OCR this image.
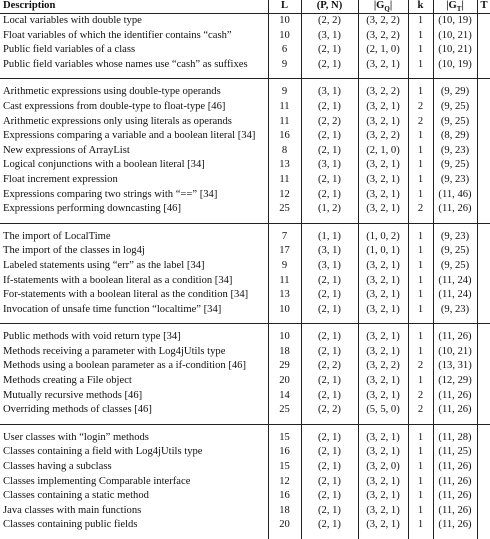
Description	L	(P, N)	$|G_Q|$	k	$|G_T|$	T
Local variables with double type	10	(2, 2)	(3, 2, 2)	1	(10, 19)	
Float variables of which the identifier contains “cash”	10	(3, 1)	(3, 2, 2)	1	(10, 21)	
Public field variables of a class	6	(2, 1)	(2, 1, 0)	1	(10, 21)	
Public field variables whose names use “cash” as suffixes	9	(2, 1)	(3, 2, 1)	1	(10, 19)	
Arithmetic expressions using double-type operands	9	(3, 1)	(3, 2, 2)	1	(9, 29)	
Cast expressions from double-type to float-type [46]	11	(2, 1)	(3, 2, 1)	2	(9, 25)	
Arithmetic expressions only using literals as operands	11	(2, 2)	(3, 2, 1)	2	(9, 25)	
Expressions comparing a variable and a boolean literal [34]	16	(2, 1)	(3, 2, 2)	1	(8, 29)	
New expressions of ArrayList	8	(2, 1)	(2, 1, 0)	1	(9, 23)	
Logical conjunctions with a boolean literal [34]	13	(3, 1)	(3, 2, 1)	1	(9, 25)	
Float increment expression	11	(2, 1)	(3, 2, 1)	1	(9, 23)	
Expressions comparing two strings with “==” [34]	12	(2, 1)	(3, 2, 1)	1	(11, 46)	
Expressions performing downcasting [46]	25	(1, 2)	(3, 2, 1)	2	(11, 26)	
The import of LocalTime	7	(1, 1)	(1, 0, 2)	1	(9, 23)	
The import of the classes in log4j	17	(3, 1)	(1, 0, 1)	1	(9, 25)	
Labeled statements using “err” as the label [34]	9	(3, 1)	(3, 2, 1)	1	(9, 25)	
If-statements with a boolean literal as a condition [34]	11	(2, 1)	(3, 2, 1)	1	(11, 24)	
For-statements with a boolean literal as the condition [34]	13	(2, 1)	(3, 2, 1)	1	(11, 24)	
Invocation of unsafe time function “localtime” [34]	10	(2, 1)	(3, 2, 1)	1	(9, 23)	
Public methods with void return type [34]	10	(2, 1)	(3, 2, 1)	1	(11, 26)	
Methods receiving a parameter with Log4jUtils type	18	(2, 1)	(3, 2, 1)	1	(10, 21)	
Methods using a boolean parameter as a if-condition [46]	29	(2, 2)	(3, 2, 2)	2	(13, 31)	
Methods creating a File object	20	(2, 1)	(3, 2, 1)	1	(12, 29)	
Mutually recursive methods [46]	14	(2, 1)	(3, 2, 1)	2	(11, 26)	
Overriding methods of classes [46]	25	(2, 2)	(5, 5, 0)	2	(11, 26)	
User classes with “login” methods	15	(2, 1)	(3, 2, 1)	1	(11, 28)	
Classes containing a field with Log4jUtils type	16	(2, 1)	(3, 2, 1)	1	(11, 25)	
Classes having a subclass	15	(2, 1)	(3, 2, 0)	1	(11, 26)	
Classes implementing Comparable interface	12	(2, 1)	(3, 2, 1)	1	(11, 26)	
Classes containing a static method	16	(2, 1)	(3, 2, 1)	1	(11, 26)	
Java classes with main functions	18	(2, 1)	(3, 2, 1)	1	(11, 26)	
Classes containing public fields	20	(2, 1)	(3, 2, 1)	1	(11, 26)	
